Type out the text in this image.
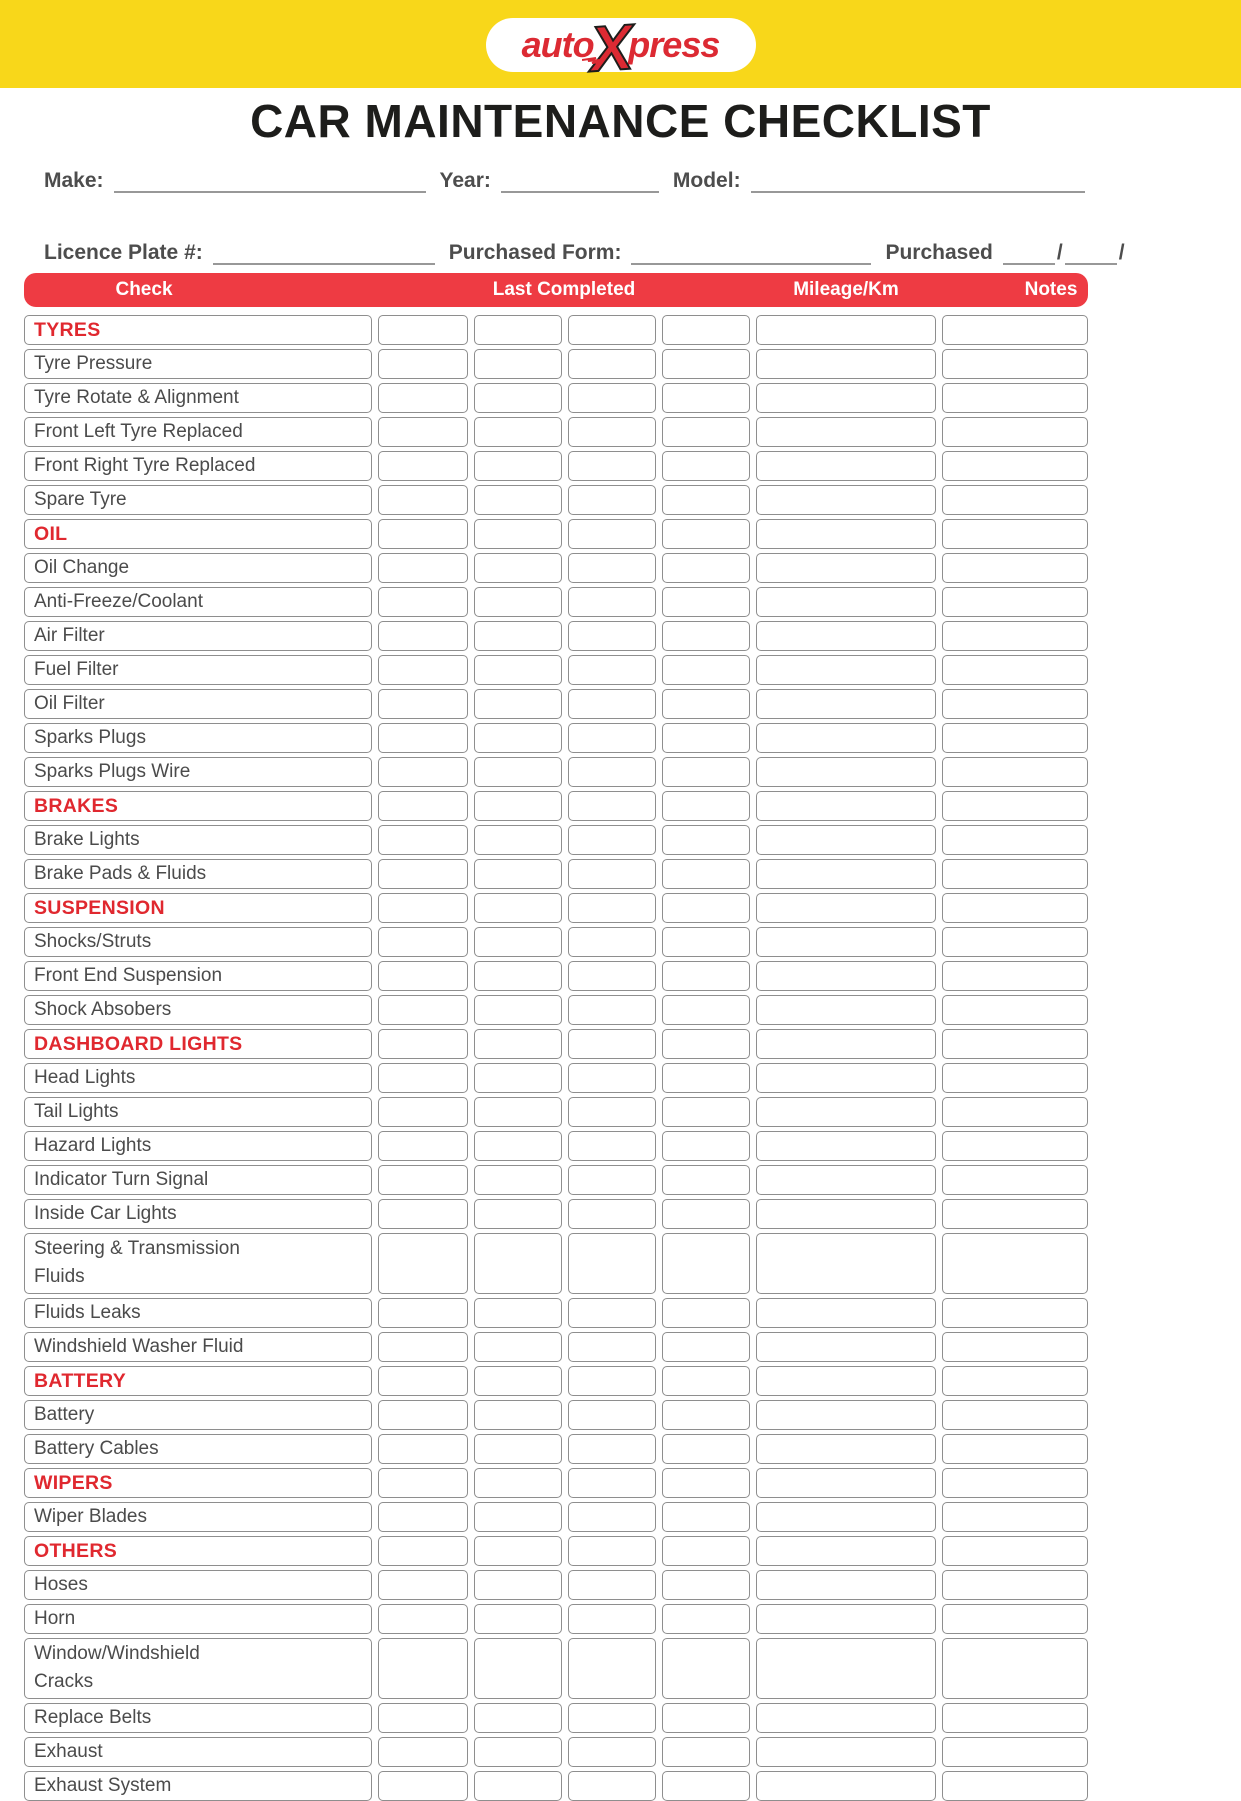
auto
X
press
CAR MAINTENANCE CHECKLIST
Make:	Year:	Model:
Licence Plate #:	Purchased Form:	Purchased	/	/
Check	Last Completed	Mileage/Km	Notes
TYRES
Tyre Pressure
Tyre Rotate & Alignment
Front Left Tyre Replaced
Front Right Tyre Replaced
Spare Tyre
OIL
Oil Change
Anti-Freeze/Coolant
Air Filter
Fuel Filter
Oil Filter
Sparks Plugs
Sparks Plugs Wire
BRAKES
Brake Lights
Brake Pads & Fluids
SUSPENSION
Shocks/Struts
Front End Suspension
Shock Absobers
DASHBOARD LIGHTS
Head Lights
Tail Lights
Hazard Lights
Indicator Turn Signal
Inside Car Lights
Steering & Transmission
Fluids
Fluids Leaks
Windshield Washer Fluid
BATTERY
Battery
Battery Cables
WIPERS
Wiper Blades
OTHERS
Hoses
Horn
Window/Windshield
Cracks
Replace Belts
Exhaust
Exhaust System
